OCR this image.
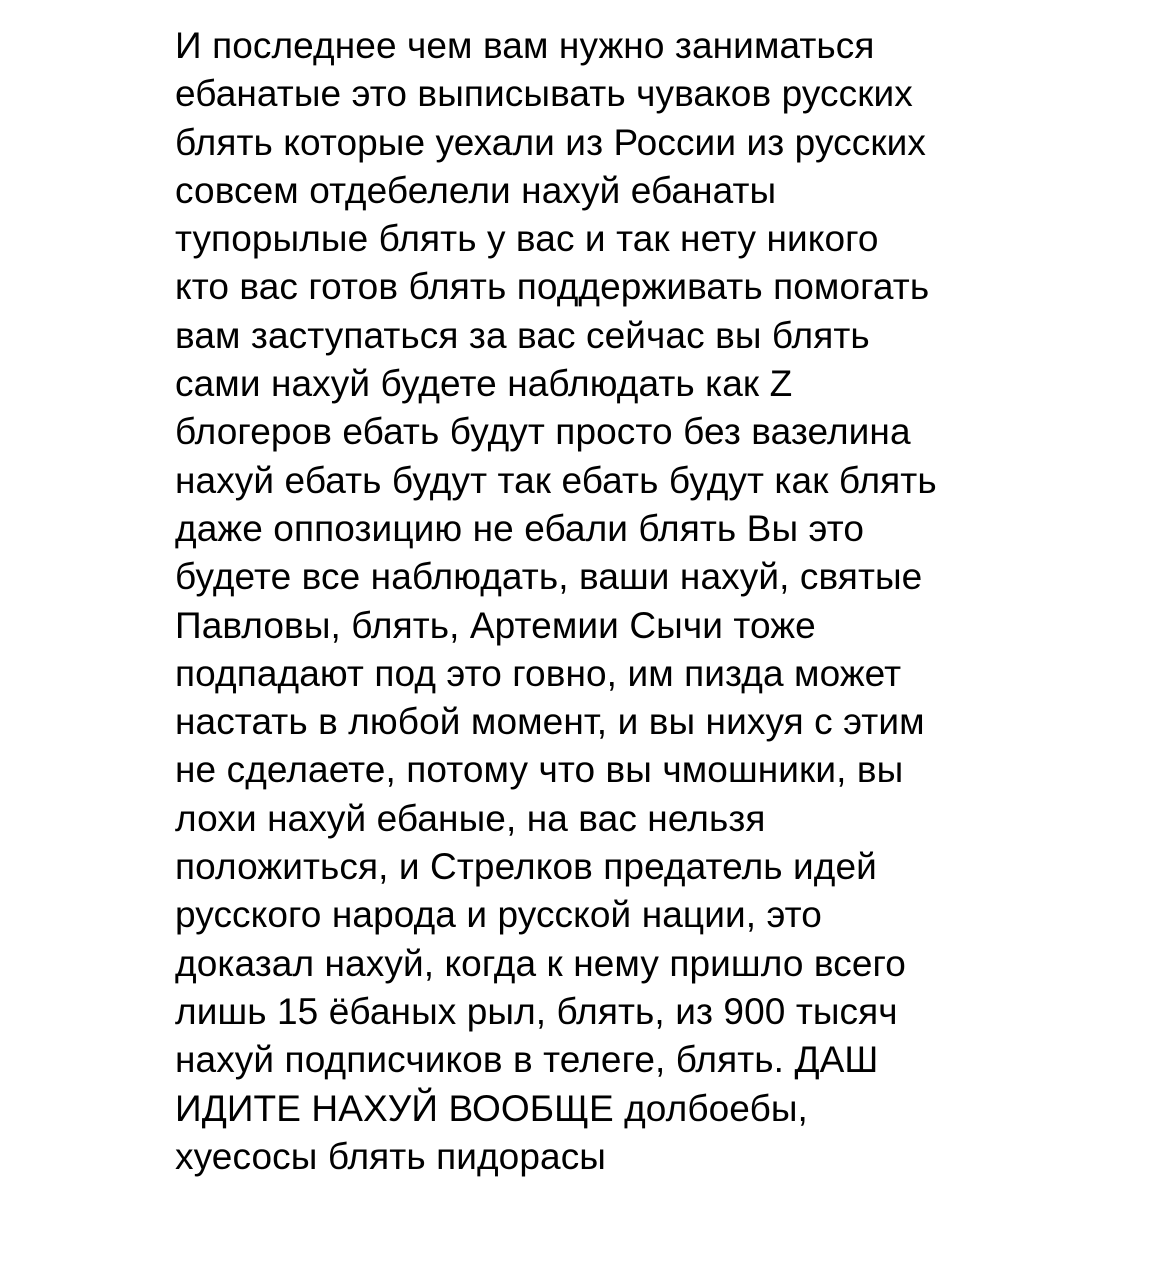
И последнее чем вам нужно заниматься
ебанатые это выписывать чуваков русских
блять которые уехали из России из русских
совсем отдебелели нахуй ебанаты
тупорылые блять у вас и так нету никого
кто вас готов блять поддерживать помогать
вам заступаться за вас сейчас вы блять
сами нахуй будете наблюдать как Z
блогеров ебать будут просто без вазелина
нахуй ебать будут так ебать будут как блять
даже оппозицию не ебали блять Вы это
будете все наблюдать, ваши нахуй, святые
Павловы, блять, Артемии Сычи тоже
подпадают под это говно, им пизда может
настать в любой момент, и вы нихуя с этим
не сделаете, потому что вы чмошники, вы
лохи нахуй ебаные, на вас нельзя
положиться, и Стрелков предатель идей
русского народа и русской нации, это
доказал нахуй, когда к нему пришло всего
лишь 15 ёбаных рыл, блять, из 900 тысяч
нахуй подписчиков в телеге, блять. ДАШ
ИДИТЕ НАХУЙ ВООБЩЕ долбоебы,
хуесосы блять пидорасы
